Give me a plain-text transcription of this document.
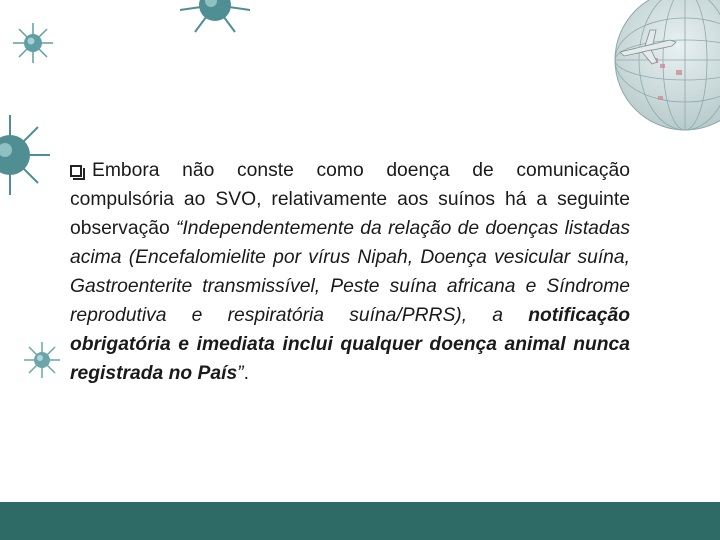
Embora não conste como doença de comunicação compulsória ao SVO, relativamente aos suínos há a seguinte observação “Independentemente da relação de doenças listadas acima (Encefalomielite por vírus Nipah, Doença vesicular suína, Gastroenterite transmissível, Peste suína africana e Síndrome reprodutiva e respiratória suína/PRRS), a notificação obrigatória e imediata inclui qualquer doença animal nunca registrada no País”.
